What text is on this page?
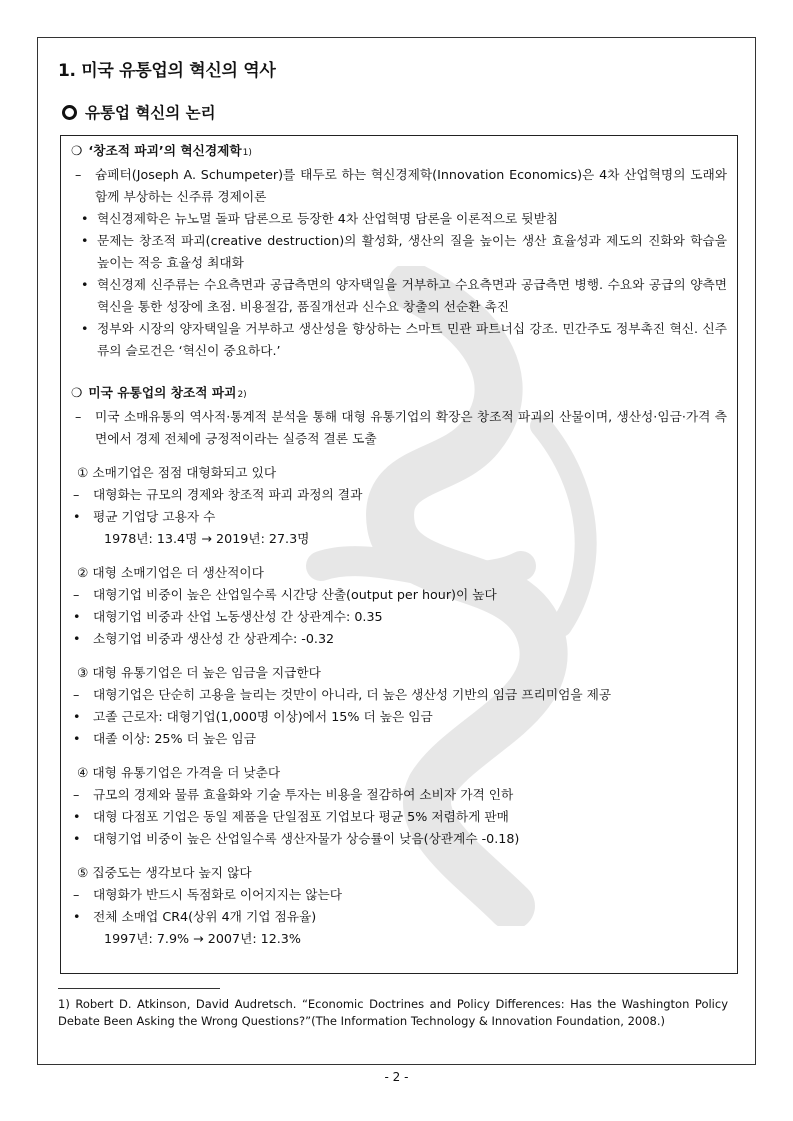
1. 미국 유통업의 혁신의 역사
유통업 혁신의 논리
❍ ‘창조적 파괴’의 혁신경제학 1)
–	슘페터(Joseph A. Schumpeter)를 태두로 하는 혁신경제학(Innovation Economics)은 4차 산업혁명의 도래와 함께 부상하는 신주류 경제이론
• 혁신경제학은 뉴노멀 돌파 담론으로 등장한 4차 산업혁명 담론을 이론적으로 뒷받침
• 문제는 창조적 파괴(creative destruction)의 활성화, 생산의 질을 높이는 생산 효율성과 제도의 진화와 학습을 높이는 적응 효율성 최대화
• 혁신경제 신주류는 수요측면과 공급측면의 양자택일을 거부하고 수요측면과 공급측면 병행. 수요와 공급의 양측면 혁신을 통한 성장에 초점. 비용절감, 품질개선과 신수요 창출의 선순환 촉진
• 정부와 시장의 양자택일을 거부하고 생산성을 향상하는 스마트 민관 파트너십 강조. 민간주도 정부촉진 혁신. 신주류의 슬로건은 ‘혁신이 중요하다.’
❍ 미국 유통업의 창조적 파괴 2)
–	미국 소매유통의 역사적·통계적 분석을 통해 대형 유통기업의 확장은 창조적 파괴의 산물이며, 생산성·임금·가격 측면에서 경제 전체에 긍정적이라는 실증적 결론 도출
① 소매기업은 점점 대형화되고 있다
–	대형화는 규모의 경제와 창조적 파괴 과정의 결과
• 평균 기업당 고용자 수
1978년: 13.4명 → 2019년: 27.3명
② 대형 소매기업은 더 생산적이다
–	대형기업 비중이 높은 산업일수록 시간당 산출(output per hour)이 높다
• 대형기업 비중과 산업 노동생산성 간 상관계수: 0.35
• 소형기업 비중과 생산성 간 상관계수: -0.32
③ 대형 유통기업은 더 높은 임금을 지급한다
–	대형기업은 단순히 고용을 늘리는 것만이 아니라, 더 높은 생산성 기반의 임금 프리미엄을 제공
• 고졸 근로자: 대형기업(1,000명 이상)에서 15% 더 높은 임금
• 대졸 이상: 25% 더 높은 임금
④ 대형 유통기업은 가격을 더 낮춘다
–	규모의 경제와 물류 효율화와 기술 투자는 비용을 절감하여 소비자 가격 인하
• 대형 다점포 기업은 동일 제품을 단일점포 기업보다 평균 5% 저렴하게 판매
• 대형기업 비중이 높은 산업일수록 생산자물가 상승률이 낮음(상관계수 -0.18)
⑤ 집중도는 생각보다 높지 않다
–	대형화가 반드시 독점화로 이어지지는 않는다
• 전체 소매업 CR4(상위 4개 기업 점유율)
1997년: 7.9% → 2007년: 12.3%
1) Robert D. Atkinson, David Audretsch. “Economic Doctrines and Policy Differences: Has the Washington Policy Debate Been Asking the Wrong Questions?”(The Information Technology & Innovation Foundation, 2008.)
- 2 -
